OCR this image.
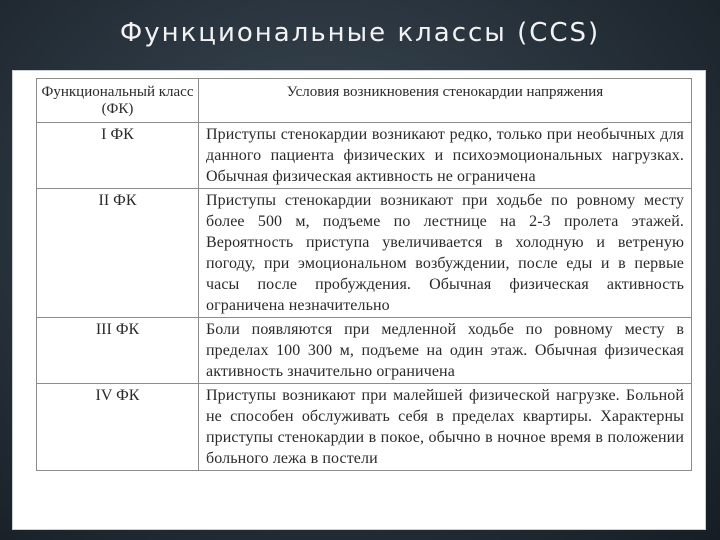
Функциональные классы (CCS)
Функциональный класс (ФК)	Условия возникновения стенокардии напряжения
I ФК	Приступы стенокардии возникают редко, только при необычных для данного пациента физических и психоэмоциональных нагрузках. Обычная физическая активность не ограничена
II ФК	Приступы стенокардии возникают при ходьбе по ровному месту более 500 м, подъеме по лестнице на 2-3 пролета этажей. Вероятность приступа увеличивается в холодную и ветреную погоду, при эмоциональном возбуждении, после еды и в первые часы после пробуждения. Обычная физическая активность ограничена незначительно
III ФК	Боли появляются при медленной ходьбе по ровному месту в пределах 100 300 м, подъеме на один этаж. Обычная физическая активность значительно ограничена
IV ФК	Приступы возникают при малейшей физической нагрузке. Больной не способен обслуживать себя в пределах квартиры. Характерны приступы стенокардии в покое, обычно в ночное время в положении больного лежа в постели
